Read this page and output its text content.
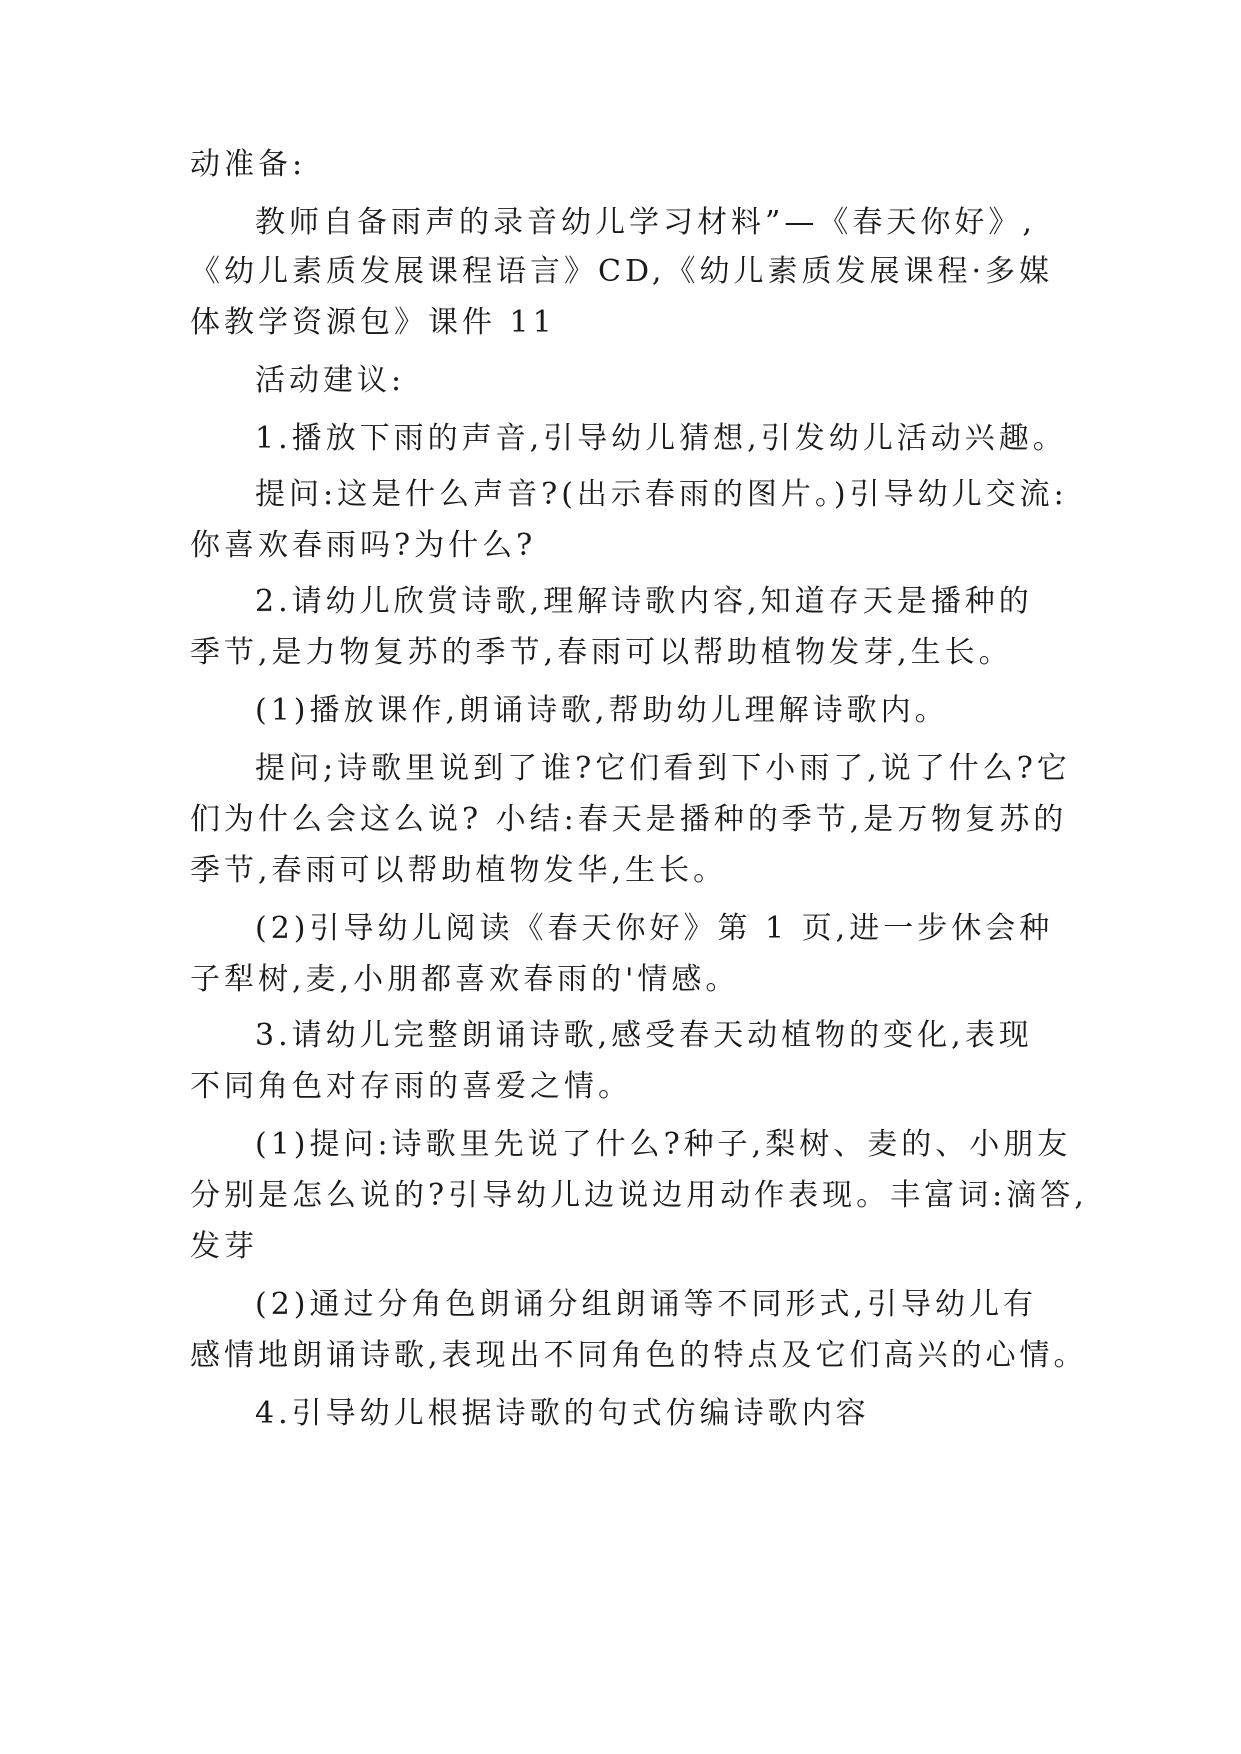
动准备:

教师自备雨声的录音幼儿学习材料”—《春天你好》,

《幼儿素质发展课程语言》CD,《幼儿素质发展课程·多媒

体教学资源包》课件 11

活动建议:

1.播放下雨的声音,引导幼儿猜想,引发幼儿活动兴趣。

提问:这是什么声音?(出示春雨的图片。)引导幼儿交流:

你喜欢春雨吗?为什么?

2.请幼儿欣赏诗歌,理解诗歌内容,知道存天是播种的

季节,是力物复苏的季节,春雨可以帮助植物发芽,生长。

(1)播放课作,朗诵诗歌,帮助幼儿理解诗歌内。

提问;诗歌里说到了谁?它们看到下小雨了,说了什么?它

们为什么会这么说? 小结:春天是播种的季节,是万物复苏的

季节,春雨可以帮助植物发华,生长。

(2)引导幼儿阅读《春天你好》第 1 页,进一步休会种

子犁树,麦,小朋都喜欢春雨的'情感。

3.请幼儿完整朗诵诗歌,感受春天动植物的变化,表现

不同角色对存雨的喜爱之情。

(1)提问:诗歌里先说了什么?种子,梨树、麦的、小朋友

分别是怎么说的?引导幼儿边说边用动作表现。丰富词:滴答,

发芽

(2)通过分角色朗诵分组朗诵等不同形式,引导幼儿有

感情地朗诵诗歌,表现出不同角色的特点及它们高兴的心情。

4.引导幼儿根据诗歌的句式仿编诗歌内容
